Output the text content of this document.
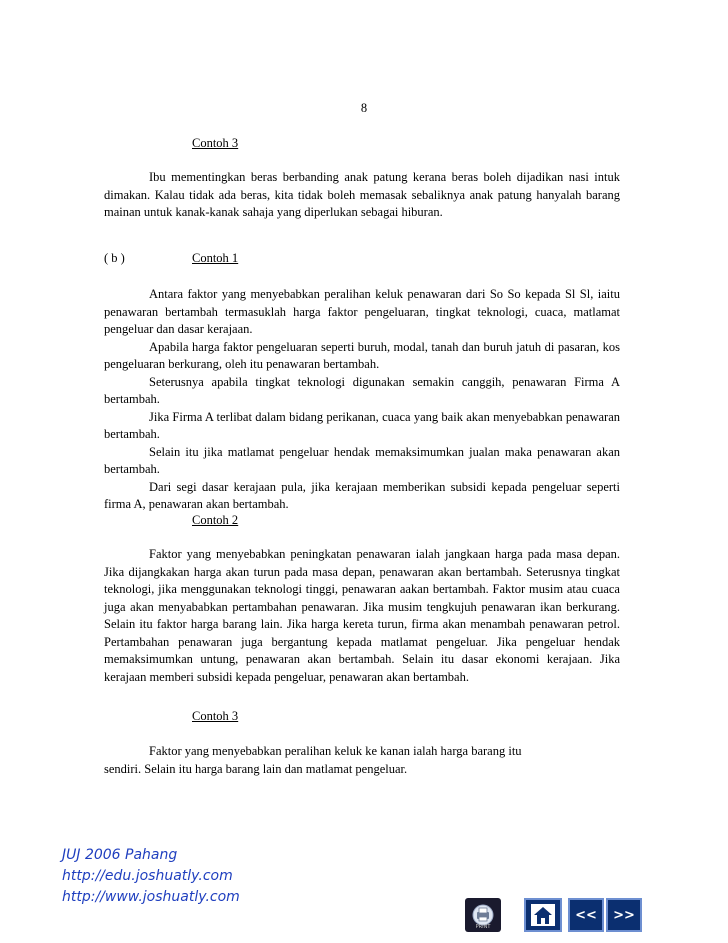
8
Contoh 3

Ibu mementingkan beras berbanding anak patung kerana beras boleh dijadikan nasi intuk dimakan. Kalau tidak ada beras, kita tidak boleh memasak sebaliknya anak patung hanyalah barang mainan untuk kanak-kanak sahaja yang diperlukan sebagai hiburan.

( b )	Contoh 1

Antara faktor yang menyebabkan peralihan keluk penawaran dari So So kepada Sl Sl, iaitu penawaran bertambah termasuklah harga faktor pengeluaran, tingkat teknologi, cuaca, matlamat pengeluar dan dasar kerajaan.

Apabila harga faktor pengeluaran seperti buruh, modal, tanah dan buruh jatuh di pasaran, kos pengeluaran berkurang, oleh itu penawaran bertambah.

Seterusnya apabila tingkat teknologi digunakan semakin canggih, penawaran Firma A bertambah.

Jika Firma A terlibat dalam bidang perikanan, cuaca yang baik akan menyebabkan penawaran bertambah.

Selain itu jika matlamat pengeluar hendak memaksimumkan jualan maka penawaran akan bertambah.

Dari segi dasar kerajaan pula, jika kerajaan memberikan subsidi kepada pengeluar seperti firma A, penawaran akan bertambah.

Contoh 2

Faktor yang menyebabkan peningkatan penawaran ialah jangkaan harga pada masa depan. Jika dijangkakan harga akan turun pada masa depan, penawaran akan bertambah. Seterusnya tingkat teknologi, jika menggunakan teknologi tinggi, penawaran aakan bertambah. Faktor musim atau cuaca juga akan menyababkan pertambahan penawaran. Jika musim tengkujuh penawaran ikan berkurang. Selain itu faktor harga barang lain. Jika harga kereta turun, firma akan menambah penawaran petrol. Pertambahan penawaran juga bergantung kepada matlamat pengeluar. Jika pengeluar hendak memaksimumkan untung, penawaran akan bertambah. Selain itu dasar ekonomi kerajaan. Jika kerajaan memberi subsidi kepada pengeluar, penawaran akan bertambah.

Contoh 3
Faktor yang menyebabkan peralihan keluk ke kanan ialah harga barang itu
sendiri. Selain itu harga barang lain dan matlamat pengeluar.
JUJ 2006 Pahang
http://edu.joshuatly.com
http://www.joshuatly.com
PRINT
<<	>>
